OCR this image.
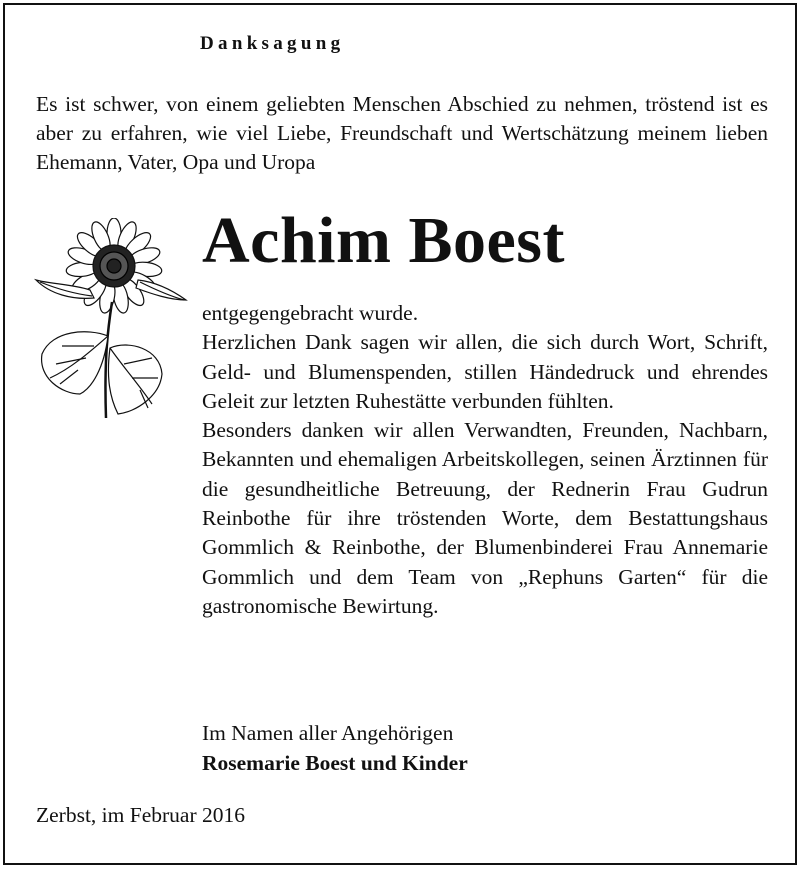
Danksagung
Es ist schwer, von einem geliebten Menschen Abschied zu nehmen, tröstend ist es aber zu erfahren, wie viel Liebe, Freundschaft und Wertschätzung meinem lieben Ehemann, Vater, Opa und Uropa
Achim Boest

entgegengebracht wurde.

Herzlichen Dank sagen wir allen, die sich durch Wort, Schrift, Geld- und Blumenspenden, stillen Händedruck und ehrendes Geleit zur letzten Ruhestätte verbunden fühlten.

Besonders danken wir allen Verwandten, Freunden, Nachbarn, Bekannten und ehemaligen Arbeitskollegen, seinen Ärztinnen für die gesundheitliche Betreuung, der Rednerin Frau Gudrun Reinbothe für ihre tröstenden Worte, dem Bestattungshaus Gommlich & Reinbothe, der Blumenbinderei Frau Annemarie Gommlich und dem Team von „Rephuns Garten“ für die gastronomische Bewirtung.

Im Namen aller Angehörigen
Rosemarie Boest und Kinder
Zerbst, im Februar 2016
